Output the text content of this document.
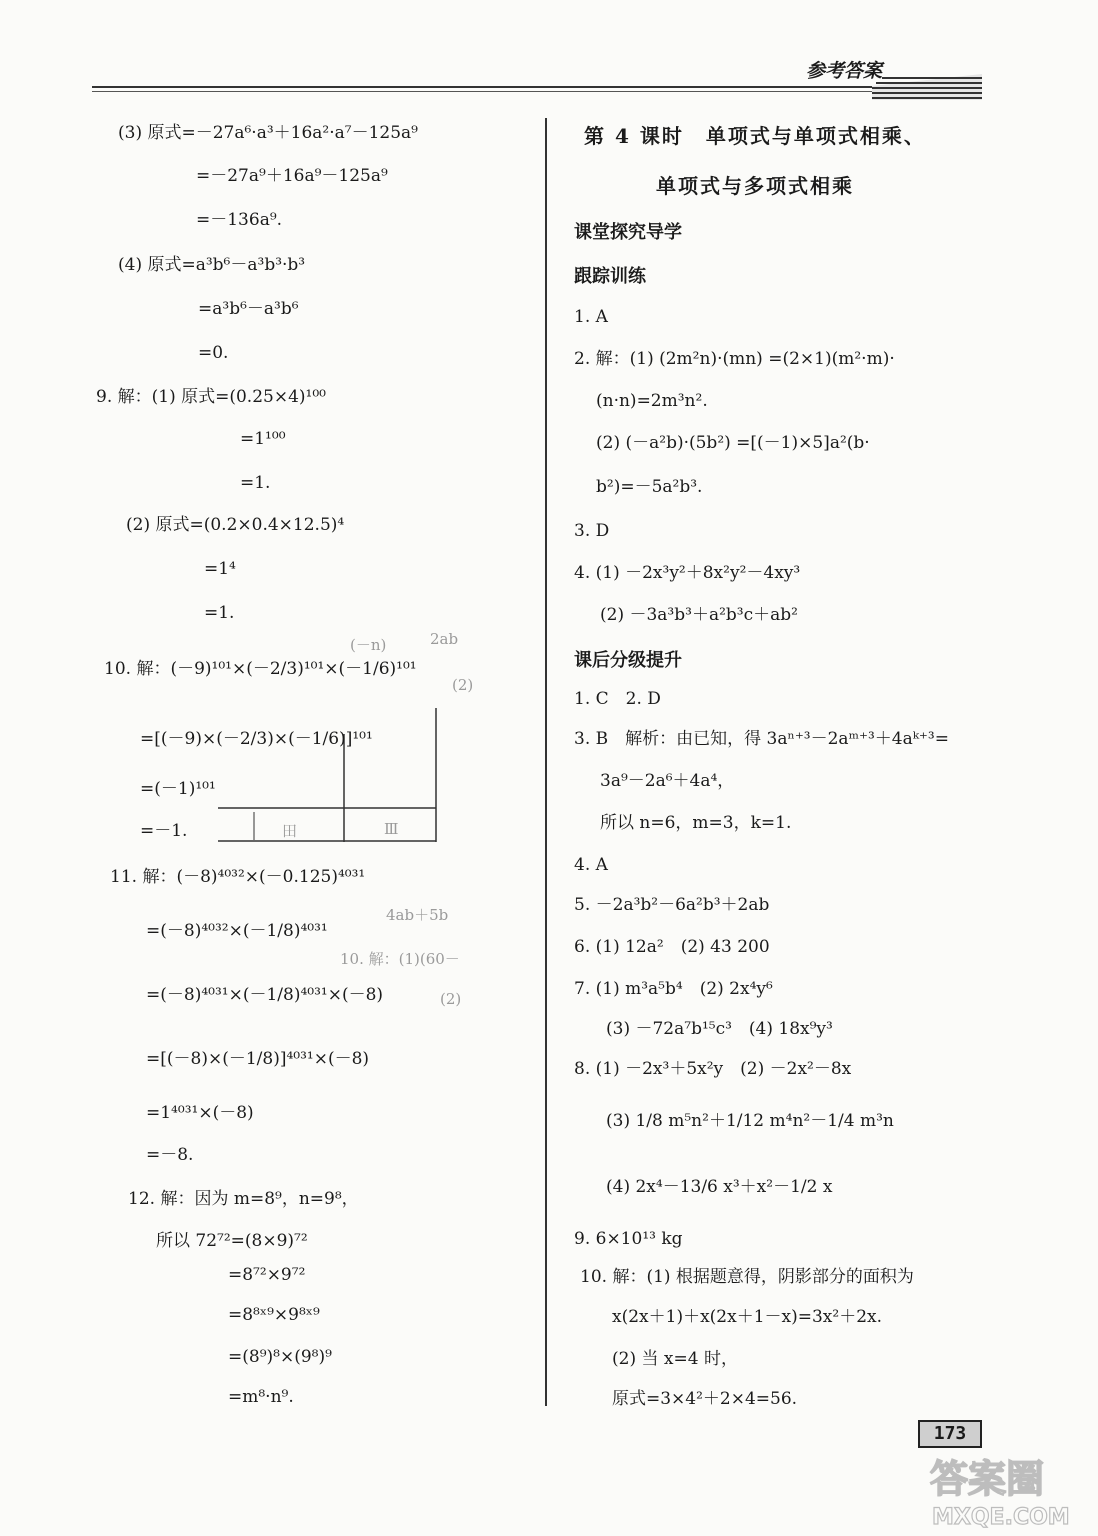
参考答案
2ab
(－n)
(2)
4ab＋5b
10. 解：(1)(60－
(2)
田	Ⅲ
(3) 原式=－27a⁶·a³＋16a²·a⁷－125a⁹
=－27a⁹＋16a⁹－125a⁹
=－136a⁹.
(4) 原式=a³b⁶－a³b³·b³
=a³b⁶－a³b⁶
=0.
9. 解：(1) 原式=(0.25×4)¹⁰⁰
=1¹⁰⁰
=1.
(2) 原式=(0.2×0.4×12.5)⁴
=1⁴
=1.
10. 解：(－9)¹⁰¹×(－2/3)¹⁰¹×(－1/6)¹⁰¹
=[(－9)×(－2/3)×(－1/6)]¹⁰¹
=(－1)¹⁰¹
=－1.
11. 解：(－8)⁴⁰³²×(－0.125)⁴⁰³¹
=(－8)⁴⁰³²×(－1/8)⁴⁰³¹
=(－8)⁴⁰³¹×(－1/8)⁴⁰³¹×(－8)
=[(－8)×(－1/8)]⁴⁰³¹×(－8)
=1⁴⁰³¹×(－8)
=－8.
12. 解：因为 m=8⁹，n=9⁸，
所以 72⁷²=(8×9)⁷²
=8⁷²×9⁷²
=8⁸ˣ⁹×9⁸ˣ⁹
=(8⁹)⁸×(9⁸)⁹
=m⁸·n⁹.
第 4 课时　单项式与单项式相乘、
单项式与多项式相乘
课堂探究导学
跟踪训练
1. A
2. 解：(1) (2m²n)·(mn) =(2×1)(m²·m)·
(n·n)=2m³n².
(2) (－a²b)·(5b²) =[(－1)×5]a²(b·
b²)=－5a²b³.
3. D
4. (1) －2x³y²＋8x²y²－4xy³
(2) －3a³b³＋a²b³c＋ab²
课后分级提升
1. C　2. D
3. B　解析：由已知，得 3aⁿ⁺³－2aᵐ⁺³＋4aᵏ⁺³=
3a⁹－2a⁶＋4a⁴，
所以 n=6，m=3，k=1.
4. A
5. －2a³b²－6a²b³＋2ab
6. (1) 12a²　(2) 43 200
7. (1) m³a⁵b⁴　(2) 2x⁴y⁶
(3) －72a⁷b¹⁵c³　(4) 18x⁹y³
8. (1) －2x³＋5x²y　(2) －2x²－8x
(3) 1/8 m⁵n²＋1/12 m⁴n²－1/4 m³n
(4) 2x⁴－13/6 x³＋x²－1/2 x
9. 6×10¹³ kg
10. 解：(1) 根据题意得，阴影部分的面积为
x(2x＋1)＋x(2x＋1－x)=3x²＋2x.
(2) 当 x=4 时，
原式=3×4²＋2×4=56.
173
答案圈
MXQE.COM
